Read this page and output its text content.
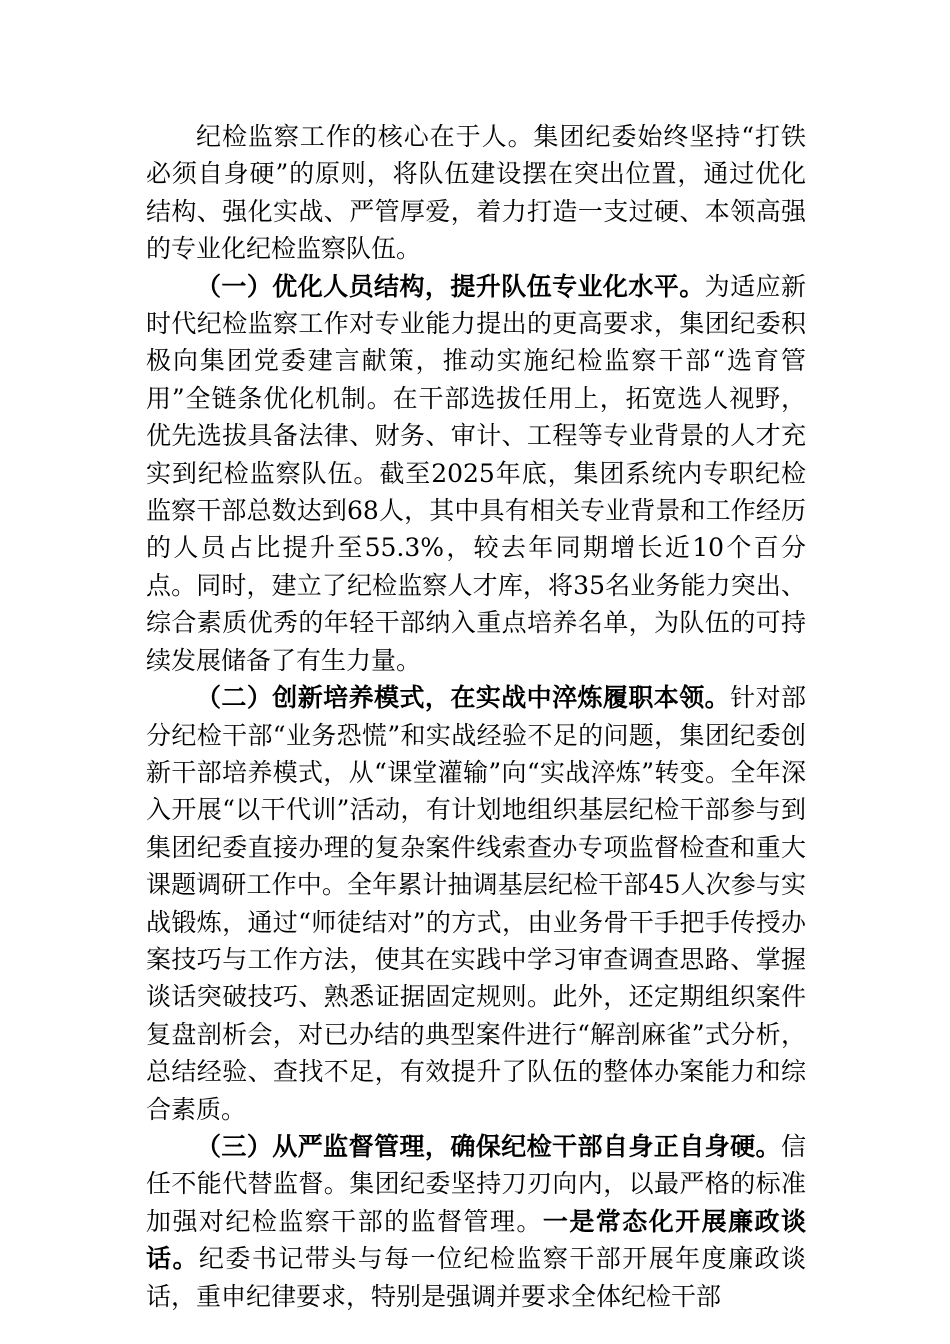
纪检监察工作的核心在于人。集团纪委始终坚持“打铁必须自身硬”的原则，将队伍建设摆在突出位置，通过优化结构、强化实战、严管厚爱，着力打造一支过硬、本领高强的专业化纪检监察队伍。

（一）优化人员结构，提升队伍专业化水平。为适应新时代纪检监察工作对专业能力提出的更高要求，集团纪委积极向集团党委建言献策，推动实施纪检监察干部“选育管用”全链条优化机制。在干部选拔任用上，拓宽选人视野，优先选拔具备法律、财务、审计、工程等专业背景的人才充实到纪检监察队伍。截至2025年底，集团系统内专职纪检监察干部总数达到68人，其中具有相关专业背景和工作经历的人员占比提升至55.3%，较去年同期增长近10个百分点。同时，建立了纪检监察人才库，将35名业务能力突出、综合素质优秀的年轻干部纳入重点培养名单，为队伍的可持续发展储备了有生力量。

（二）创新培养模式，在实战中淬炼履职本领。针对部分纪检干部“业务恐慌”和实战经验不足的问题，集团纪委创新干部培养模式，从“课堂灌输”向“实战淬炼”转变。全年深入开展“以干代训”活动，有计划地组织基层纪检干部参与到集团纪委直接办理的复杂案件线索查办专项监督检查和重大课题调研工作中。全年累计抽调基层纪检干部45人次参与实战锻炼，通过“师徒结对”的方式，由业务骨干手把手传授办案技巧与工作方法，使其在实践中学习审查调查思路、掌握谈话突破技巧、熟悉证据固定规则。此外，还定期组织案件复盘剖析会，对已办结的典型案件进行“解剖麻雀”式分析，总结经验、查找不足，有效提升了队伍的整体办案能力和综合素质。

（三）从严监督管理，确保纪检干部自身正自身硬。信任不能代替监督。集团纪委坚持刀刃向内，以最严格的标准加强对纪检监察干部的监督管理。一是常态化开展廉政谈话。纪委书记带头与每一位纪检监察干部开展年度廉政谈话，重申纪律要求，特别是强调并要求全体纪检干部
